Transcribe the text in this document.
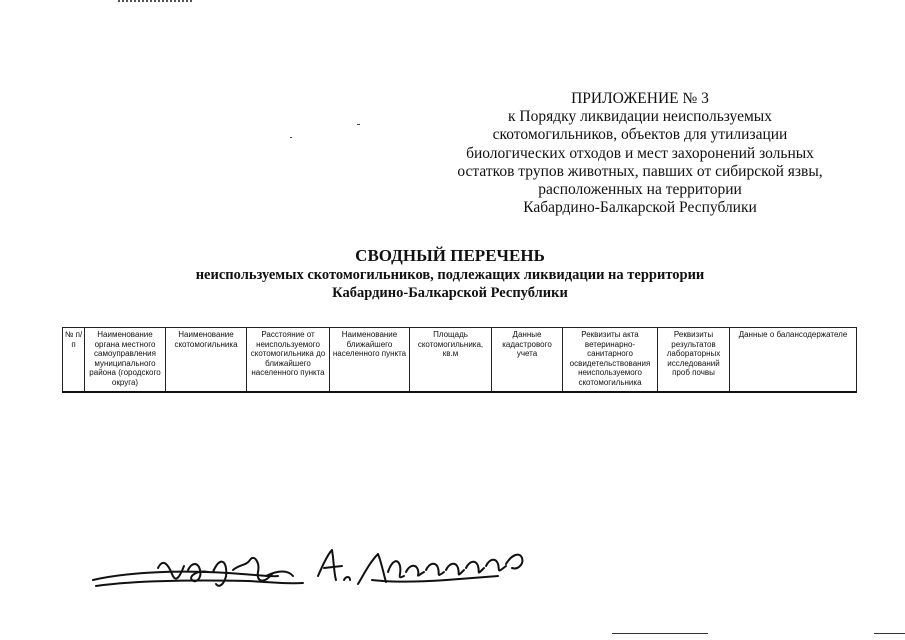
ПРИЛОЖЕНИЕ № 3
к Порядку ликвидации неиспользуемых
скотомогильников, объектов для утилизации
биологических отходов и мест захоронений зольных
остатков трупов животных, павших от сибирской язвы,
расположенных на территории
Кабардино-Балкарской Республики
СВОДНЫЙ ПЕРЕЧЕНЬ
неиспользуемых скотомогильников, подлежащих ликвидации на территории
Кабардино-Балкарской Республики
№ п/п	Наименование органа местного самоуправления муниципального района (городского округа)	Наименование скотомогильника	Расстояние от неиспользуемого скотомогильника до ближайшего населенного пункта	Наименование ближайшего населенного пункта	Площадь скотомогильника, кв.м	Данные кадастрового учета	Реквизиты акта ветеринарно-санитарного освидетельствования неиспользуемого скотомогильника	Реквизиты результатов лабораторных исследований проб почвы	Данные о балансодержателе
